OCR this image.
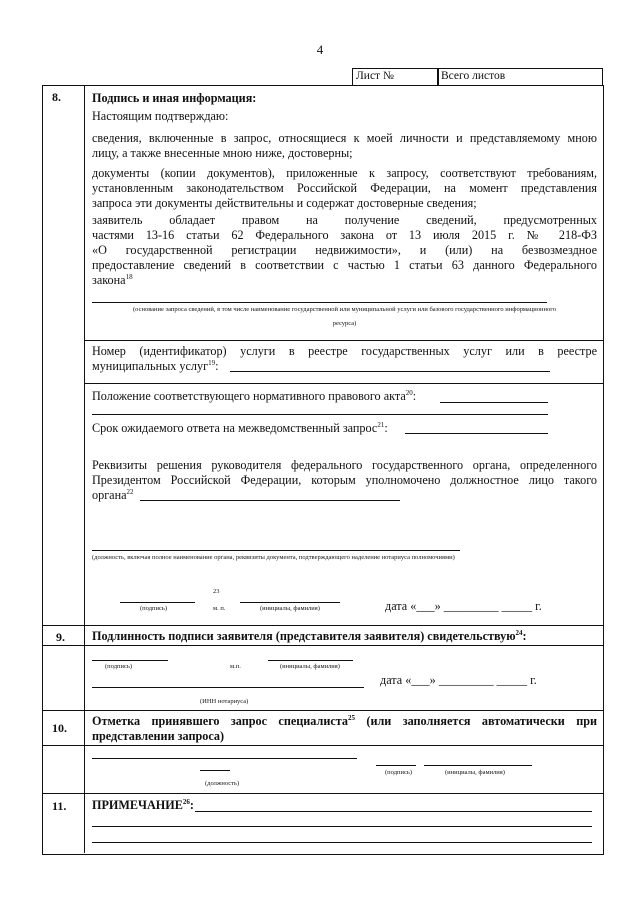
4
Лист №	Всего листов
8.	Подпись и иная информация:
Настоящим подтверждаю:
сведения, включенные в запрос, относящиеся к моей личности и представляемому мною
лицу, а также внесенные мною ниже, достоверны;
документы (копии документов), приложенные к запросу, соответствуют требованиям,
установленным законодательством Российской Федерации, на момент представления
запроса эти документы действительны и содержат достоверные сведения;
заявитель обладает правом на получение сведений, предусмотренных
частями 13-16 статьи 62 Федерального закона от 13 июля 2015 г. № 218-ФЗ
«О государственной регистрации недвижимости», и (или) на безвозмездное
предоставление сведений в соответствии с частью 1 статьи 63 данного Федерального
закона$^{18}$
(основание запроса сведений, в том числе наименование государственной или муниципальной услуги или базового государственного информационного
ресурса)
Номер (идентификатор) услуги в реестре государственных услуг или в реестре
муниципальных услуг$^{19}$:
Положение соответствующего нормативного правового акта$^{20}$:
Срок ожидаемого ответа на межведомственный запрос$^{21}$:
Реквизиты решения руководителя федерального государственного органа, определенного
Президентом Российской Федерации, которым уполномочено должностное лицо такого
органа$^{22}$
(должность, включая полное наименование органа, реквизиты документа, подтверждающего наделение нотариуса полномочиями)
23
(подпись)	м. п.	(инициалы, фамилия)	дата «___» _________ _____ г.
9. Подлинность подписи заявителя (представителя заявителя) свидетельствую$^{24}$:
(подпись)	м.п.	(инициалы, фамилия)
дата «___» _________ _____ г.
(ИНН нотариуса)
10. Отметка принявшего запрос специалиста$^{25}$ (или заполняется автоматически при
представлении запроса)
(подпись)	(инициалы, фамилия)
(должность)
11. ПРИМЕЧАНИЕ$^{26}$:
